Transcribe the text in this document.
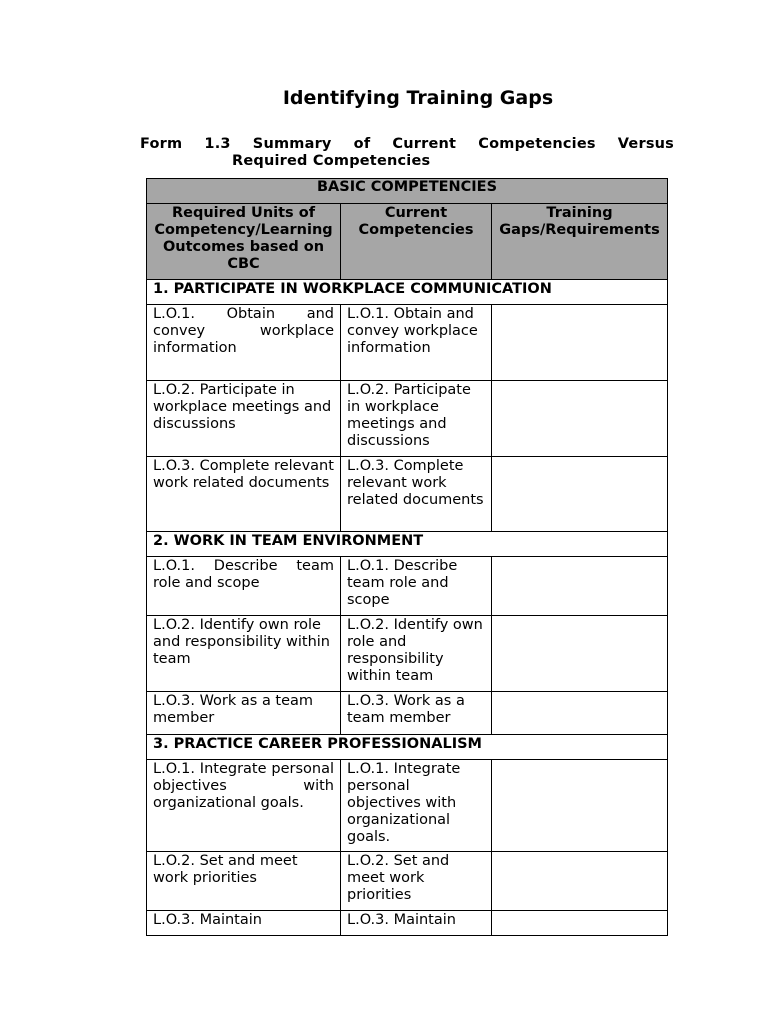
Identifying Training Gaps
Form 1.3 Summary of Current Competencies Versus
Required Competencies
BASIC COMPETENCIES		
Required Units of Competency/Learning Outcomes based on CBC	Current Competencies	Training Gaps/Requirements
1. PARTICIPATE IN WORKPLACE COMMUNICATION		
L.O.1. Obtain and convey workplace information	L.O.1. Obtain and convey workplace information	
L.O.2. Participate in workplace meetings and discussions	L.O.2. Participate in workplace meetings and discussions	
L.O.3. Complete relevant work related documents	L.O.3. Complete relevant work related documents	
2. WORK IN TEAM ENVIRONMENT		
L.O.1. Describe team role and scope	L.O.1. Describe team role and scope	
L.O.2. Identify own role and responsibility within team	L.O.2. Identify own role and responsibility within team	
L.O.3. Work as a team member	L.O.3. Work as a team member	
3. PRACTICE CAREER PROFESSIONALISM		
L.O.1. Integrate personal objectives with organizational goals.	L.O.1. Integrate personal objectives with organizational goals.	
L.O.2. Set and meet work priorities	L.O.2. Set and meet work priorities	
L.O.3. Maintain	L.O.3. Maintain	
